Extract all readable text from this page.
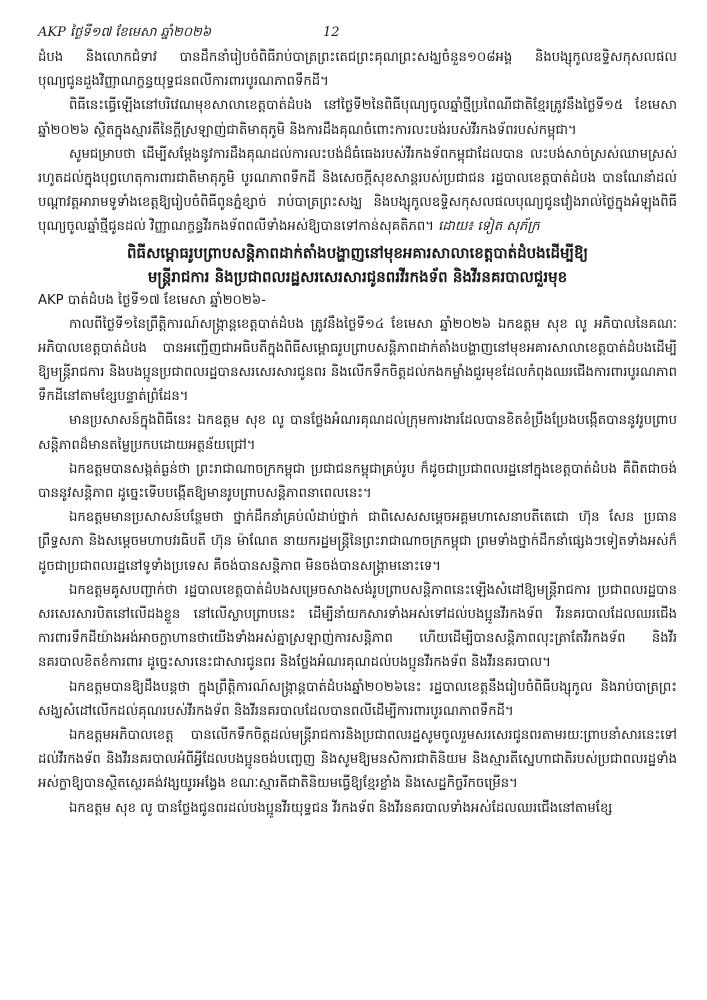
AKP ថ្ងៃទី១៧ ខែមេសា ឆ្នាំ២០២៦	12

ដំបង និងលោកជំទាវ បានដឹកនាំរៀបចំពិធីរាប់បាត្រព្រះតេជព្រះគុណព្រះសង្ឃចំនួន១០៨អង្គ និងបង្សុកូលឧទ្ទិសកុសលផលបុណ្យជូនដួងវិញ្ញាណក្ខន្ធយុទ្ធជនពលីការពារបូរណភាពទឹកដី។

ពិធីនេះធ្វើឡើងនៅបរិវេណមុខសាលាខេត្តបាត់ដំបង នៅថ្ងៃទី២នៃពិធីបុណ្យចូលឆ្នាំថ្មីប្រពៃណីជាតិខ្មែរត្រូវនឹងថ្ងៃទី១៥ ខែមេសា ឆ្នាំ២០២៦ ស្ថិតក្នុងស្មារតីនៃក្ដីស្រឡាញ់ជាតិមាតុភូមិ និងការដឹងគុណចំពោះការលះបង់របស់វីរកងទ័ពរបស់កម្ពុជា។

សូមជម្រាបថា ដើម្បីសម្ដែងនូវការដឹងគុណដល់ការលះបង់ដ៏ធំធេងរបស់វីរកងទ័ពកម្ពុជាដែលបាន លះបង់សាច់ស្រស់ឈាមស្រស់រហូតដល់ក្នុងបុព្វហេតុការពារជាតិមាតុភូមិ បូរណភាពទឹកដី និងសេចក្ដីសុខសាន្តរបស់ប្រជាជន រដ្ឋបាលខេត្តបាត់ដំបង បានណែនាំដល់បណ្ដាវត្តអារាមទូទាំងខេត្តឱ្យរៀបចំពិធីពូនភ្នំខ្សាច់ រាប់បាត្រព្រះសង្ឃ និងបង្សុកូលឧទ្ទិសកុសលផលបុណ្យជូនវៀងរាល់ថ្ងៃក្នុងអំឡុងពិធីបុណ្យចូលឆ្នាំថ្មីជូនដល់ វិញ្ញាណក្ខន្ធវីរកងទ័ពពលីទាំងអស់ឱ្យបានទៅកាន់សុគតិភព។ ដោយ៖ ទៀត សុភ័ក្រ

ពិធីសម្ពោធរូបព្រាបសន្តិភាពដាក់តាំងបង្ហាញនៅមុខអគារសាលាខេត្តបាត់ដំបងដើម្បីឱ្យ
មន្ត្រីរាជការ និងប្រជាពលរដ្ឋសរសេរសារជូនពរវីរកងទ័ព និងវីរនគរបាលជួរមុខ
AKP បាត់ដំបង ថ្ងៃទី១៧ ខែមេសា ឆ្នាំ២០២៦-

កាលពីថ្ងៃទី១នៃព្រឹត្តិការណ៍សង្ក្រាន្តខេត្តបាត់ដំបង ត្រូវនឹងថ្ងៃទី១៤ ខែមេសា ឆ្នាំ២០២៦ ឯកឧត្ដម សុខ លូ អភិបាលនៃគណៈអភិបាលខេត្តបាត់ដំបង បានអញ្ជើញជាអធិបតីក្នុងពិធីសម្ពោធរូបព្រាបសន្តិភាពដាក់តាំងបង្ហាញនៅមុខអគារសាលាខេត្តបាត់ដំបងដើម្បីឱ្យមន្ត្រីរាជការ និងបងប្អូនប្រជាពលរដ្ឋបានសរសេរសារជូនពរ និងលើកទឹកចិត្តដល់កងកម្លាំងជួរមុខដែលកំពុងឈរជើងការពារបូរណភាពទឹកដីនៅតាមខ្សែបន្ទាត់ព្រំដែន។

មានប្រសាសន៍ក្នុងពិធីនេះ ឯកឧត្ដម សុខ លូ បានថ្លែងអំណរគុណដល់ក្រុមការងារដែលបានខិតខំប្រឹងប្រែងបង្កើតបាននូវរូបព្រាបសន្តិភាពដ៏មានតម្លៃប្រកបដោយអត្ថន័យជ្រៅ។

ឯកឧត្ដមបានសង្កត់ធ្ងន់ថា ព្រះរាជាណាចក្រកម្ពុជា ប្រជាជនកម្ពុជាគ្រប់រូប ក៏ដូចជាប្រជាពលរដ្ឋនៅក្នុងខេត្តបាត់ដំបង គឺពិតជាចង់បាននូវសន្តិភាព ដូច្នេះទើបបង្កើតឱ្យមានរូបព្រាបសន្តិភាពនាពេលនេះ។

ឯកឧត្ដមមានប្រសាសន៍បន្ថែមថា ថ្នាក់ដឹកនាំគ្រប់លំដាប់ថ្នាក់ ជាពិសេសសម្ដេចអគ្គមហាសេនាបតីតេជោ ហ៊ុន សែន ប្រធានព្រឹទ្ធសភា និងសម្ដេចមហាបវរធិបតី ហ៊ុន ម៉ាណែត នាយករដ្ឋមន្ត្រីនៃព្រះរាជាណាចក្រកម្ពុជា ព្រមទាំងថ្នាក់ដឹកនាំផ្សេងៗទៀតទាំងអស់ក៏ដូចជាប្រជាពលរដ្ឋនៅទូទាំងប្រទេស គឺចង់បានសន្តិភាព មិនចង់បានសង្គ្រាមនោះទេ។

ឯកឧត្ដមគូសបញ្ជាក់ថា រដ្ឋបាលខេត្តបាត់ដំបងសម្រេចសាងសង់រូបព្រាបសន្តិភាពនេះឡើងសំដៅឱ្យមន្ត្រីរាជការ ប្រជាពលរដ្ឋបានសរសេរសារបិតនៅលើដងខ្លួន នៅលើស្លាបព្រាបនេះ ដើម្បីនាំយកសារទាំងអស់ទៅដល់បងប្អូនវីរកងទ័ព វីរនគរបាលដែលឈរជើងការពារទឹកដីយ៉ាងអង់អាចក្លាហានថាយើងទាំងអស់គ្នាស្រឡាញ់ការសន្តិភាព ហើយដើម្បីបានសន្តិភាពលុះត្រាតែវីរកងទ័ព និងវីរនគរបាលខិតខំការពារ ដូច្នេះសារនេះជាសារជូនពរ និងថ្លែងអំណរគុណដល់បងប្អូនវីរកងទ័ព និងវីរនគរបាល។

ឯកឧត្ដមបានឱ្យដឹងបន្តថា ក្នុងព្រឹត្តិការណ៍សង្ក្រាន្តបាត់ដំបងឆ្នាំ២០២៦នេះ រដ្ឋបាលខេត្តនឹងរៀបចំពិធីបង្សុកូល និងរាប់បាត្រព្រះសង្ឃសំដៅលើកដល់គុណរបស់វីរកងទ័ព និងវីរនគរបាលដែលបានពលីដើម្បីការពារបូរណភាពទឹកដី។

ឯកឧត្ដមអភិបាលខេត្ត បានលើកទឹកចិត្តដល់មន្ត្រីរាជការនិងប្រជាពលរដ្ឋសូមចូលរួមសរសេរជូនពរតាមរយៈព្រាបនាំសារនេះទៅដល់វីរកងទ័ព និងវីរនគរបាលអំពីអ្វីដែលបងប្អូនចង់បញ្ចេញ និងសូមឱ្យមនសិការជាតិនិយម និងស្មារតីស្នេហាជាតិរបស់ប្រជាពលរដ្ឋទាំងអស់ក្លាឱ្យបានស្ថិតស្ថេរគង់វង្សយូរអង្វែង ខណៈស្មារតីជាតិនិយមធ្វើឱ្យខ្មែរខ្លាំង និងសេដ្ឋកិច្ចរីកចម្រើន។

ឯកឧត្ដម សុខ លូ បានថ្លែងជូនពរដល់បងប្អូនវីរយុទ្ធជន វីរកងទ័ព និងវីរនគរបាលទាំងអស់ដែលឈរជើងនៅតាមខ្សែ
